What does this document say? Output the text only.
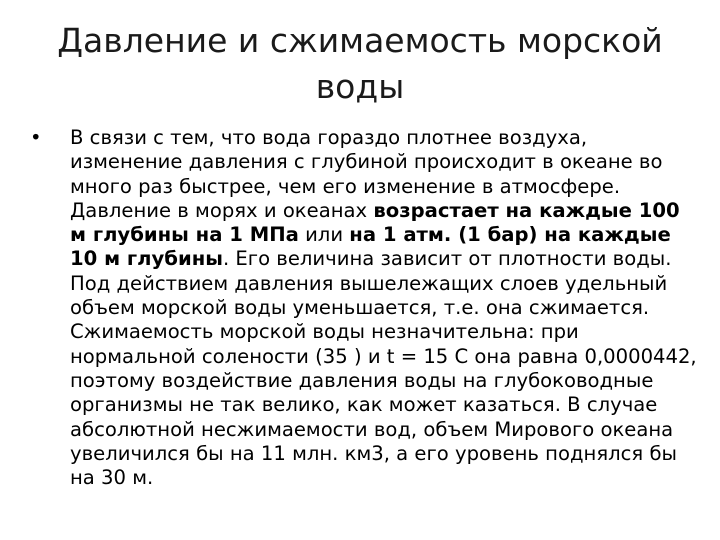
Давление и сжимаемость морской
воды
• В связи с тем, что вода гораздо плотнее воздуха, изменение давления с глубиной происходит в океане во много раз быстрее, чем его изменение в атмосфере. Давление в морях и океанах возрастает на каждые 100 м глубины на 1 МПа или на 1 атм. (1 бар) на каждые 10 м глубины. Его величина зависит от плотности воды. Под действием давления вышележащих слоев удельный объем морской воды уменьшается, т.е. она сжимается. Сжимаемость морской воды незначительна: при нормальной солености (35 ) и t = 15 С она равна 0,0000442, поэтому воздействие давления воды на глубоководные организмы не так велико, как может казаться. В случае абсолютной несжимаемости вод, объем Мирового океана увеличился бы на 11 млн. км3, а его уровень поднялся бы на 30 м.
